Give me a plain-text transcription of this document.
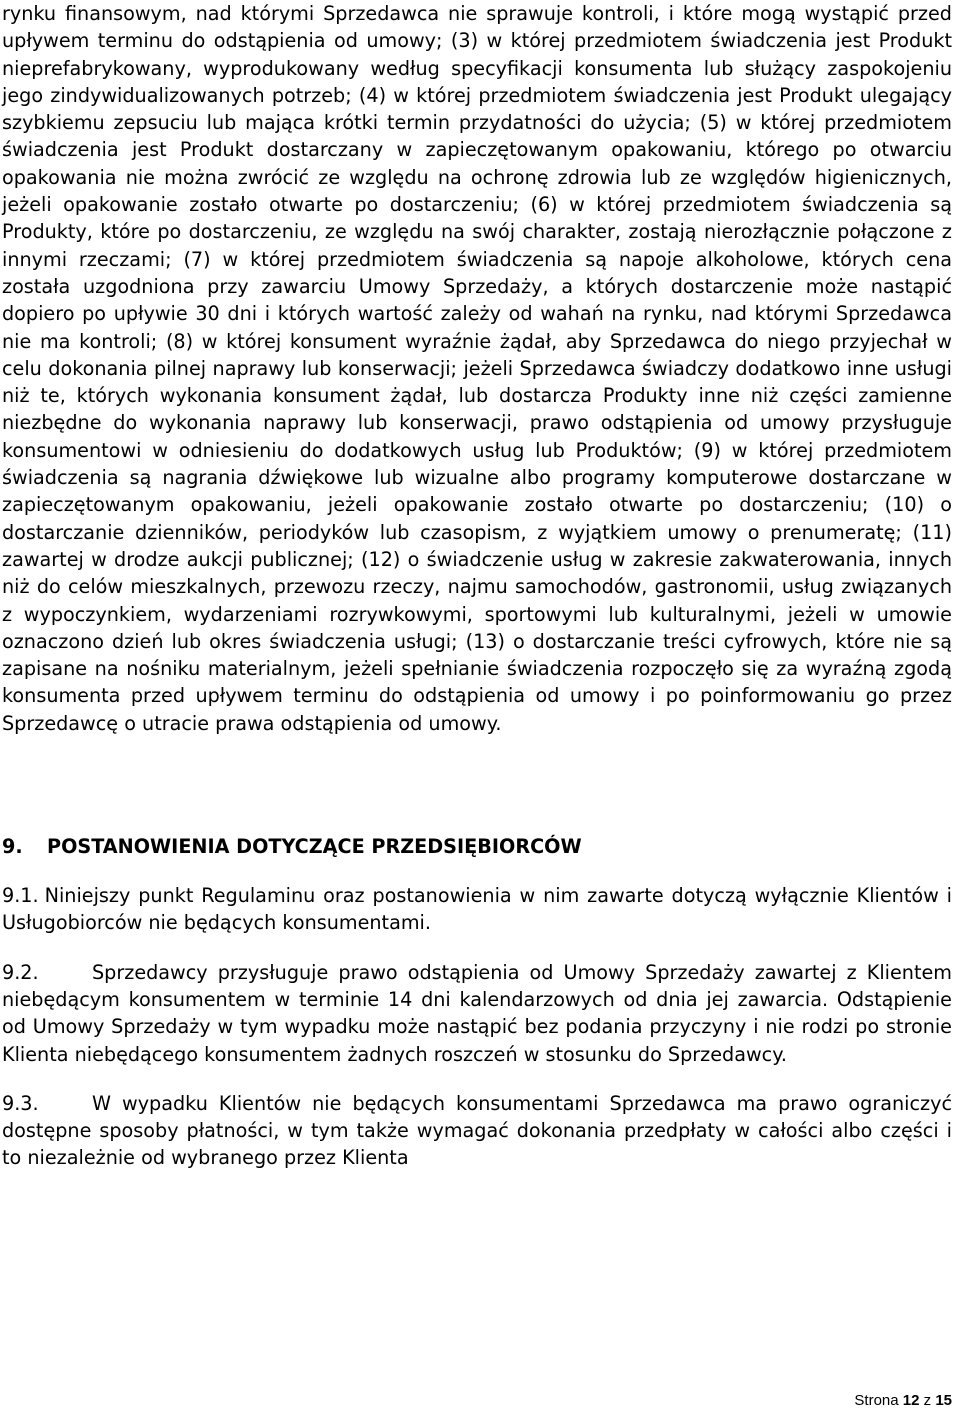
rynku finansowym, nad którymi Sprzedawca nie sprawuje kontroli, i które mogą wystąpić przed upływem terminu do odstąpienia od umowy; (3) w której przedmiotem świadczenia jest Produkt nieprefabrykowany, wyprodukowany według specyfikacji konsumenta lub służący zaspokojeniu jego zindywidualizowanych potrzeb; (4) w której przedmiotem świadczenia jest Produkt ulegający szybkiemu zepsuciu lub mająca krótki termin przydatności do użycia; (5) w której przedmiotem świadczenia jest Produkt dostarczany w zapieczętowanym opakowaniu, którego po otwarciu opakowania nie można zwrócić ze względu na ochronę zdrowia lub ze względów higienicznych, jeżeli opakowanie zostało otwarte po dostarczeniu; (6) w której przedmiotem świadczenia są Produkty, które po dostarczeniu, ze względu na swój charakter, zostają nierozłącznie połączone z innymi rzeczami; (7) w której przedmiotem świadczenia są napoje alkoholowe, których cena została uzgodniona przy zawarciu Umowy Sprzedaży, a których dostarczenie może nastąpić dopiero po upływie 30 dni i których wartość zależy od wahań na rynku, nad którymi Sprzedawca nie ma kontroli; (8) w której konsument wyraźnie żądał, aby Sprzedawca do niego przyjechał w celu dokonania pilnej naprawy lub konserwacji; jeżeli Sprzedawca świadczy dodatkowo inne usługi niż te, których wykonania konsument żądał, lub dostarcza Produkty inne niż części zamienne niezbędne do wykonania naprawy lub konserwacji, prawo odstąpienia od umowy przysługuje konsumentowi w odniesieniu do dodatkowych usług lub Produktów; (9) w której przedmiotem świadczenia są nagrania dźwiękowe lub wizualne albo programy komputerowe dostarczane w zapieczętowanym opakowaniu, jeżeli opakowanie zostało otwarte po dostarczeniu; (10) o dostarczanie dzienników, periodyków lub czasopism, z wyjątkiem umowy o prenumeratę; (11) zawartej w drodze aukcji publicznej; (12) o świadczenie usług w zakresie zakwaterowania, innych niż do celów mieszkalnych, przewozu rzeczy, najmu samochodów, gastronomii, usług związanych z wypoczynkiem, wydarzeniami rozrywkowymi, sportowymi lub kulturalnymi, jeżeli w umowie oznaczono dzień lub okres świadczenia usługi; (13) o dostarczanie treści cyfrowych, które nie są zapisane na nośniku materialnym, jeżeli spełnianie świadczenia rozpoczęło się za wyraźną zgodą konsumenta przed upływem terminu do odstąpienia od umowy i po poinformowaniu go przez Sprzedawcę o utracie prawa odstąpienia od umowy.

9. POSTANOWIENIA DOTYCZĄCE PRZEDSIĘBIORCÓW

9.1. Niniejszy punkt Regulaminu oraz postanowienia w nim zawarte dotyczą wyłącznie Klientów i Usługobiorców nie będących konsumentami.

9.2.	Sprzedawcy przysługuje prawo odstąpienia od Umowy Sprzedaży zawartej z Klientem niebędącym konsumentem w terminie 14 dni kalendarzowych od dnia jej zawarcia. Odstąpienie od Umowy Sprzedaży w tym wypadku może nastąpić bez podania przyczyny i nie rodzi po stronie Klienta niebędącego konsumentem żadnych roszczeń w stosunku do Sprzedawcy.

9.3.	W wypadku Klientów nie będących konsumentami Sprzedawca ma prawo ograniczyć dostępne sposoby płatności, w tym także wymagać dokonania przedpłaty w całości albo części i to niezależnie od wybranego przez Klienta

Strona 12 z 15
